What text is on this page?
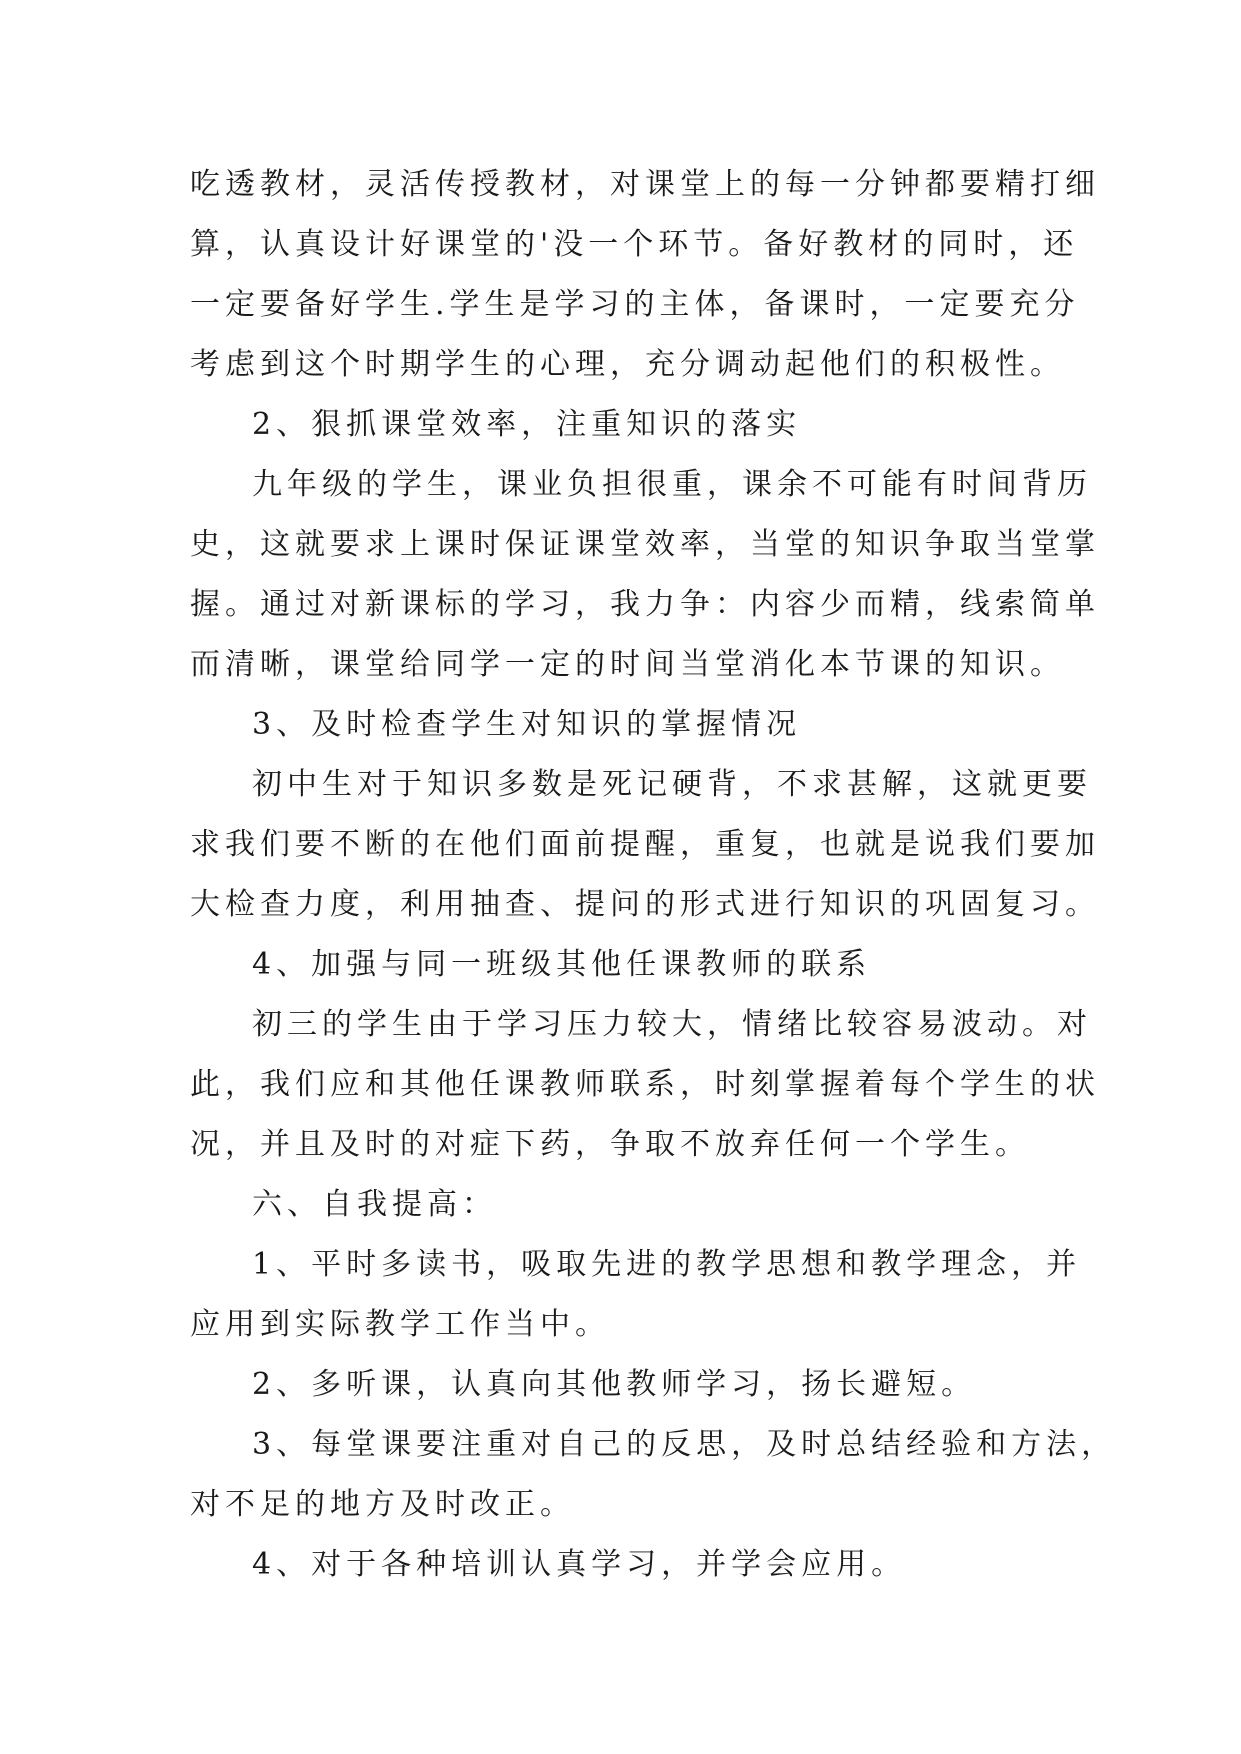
吃透教材，灵活传授教材，对课堂上的每一分钟都要精打细
算，认真设计好课堂的'没一个环节。备好教材的同时，还
一定要备好学生.学生是学习的主体，备课时，一定要充分
考虑到这个时期学生的心理，充分调动起他们的积极性。
2、狠抓课堂效率，注重知识的落实
九年级的学生，课业负担很重，课余不可能有时间背历
史，这就要求上课时保证课堂效率，当堂的知识争取当堂掌
握。通过对新课标的学习，我力争：内容少而精，线索简单
而清晰，课堂给同学一定的时间当堂消化本节课的知识。
3、及时检查学生对知识的掌握情况
初中生对于知识多数是死记硬背，不求甚解，这就更要
求我们要不断的在他们面前提醒，重复，也就是说我们要加
大检查力度，利用抽查、提问的形式进行知识的巩固复习。
4、加强与同一班级其他任课教师的联系
初三的学生由于学习压力较大，情绪比较容易波动。对
此，我们应和其他任课教师联系，时刻掌握着每个学生的状
况，并且及时的对症下药，争取不放弃任何一个学生。
六、自我提高：
1、平时多读书，吸取先进的教学思想和教学理念，并
应用到实际教学工作当中。
2、多听课，认真向其他教师学习，扬长避短。
3、每堂课要注重对自己的反思，及时总结经验和方法，
对不足的地方及时改正。
4、对于各种培训认真学习，并学会应用。
